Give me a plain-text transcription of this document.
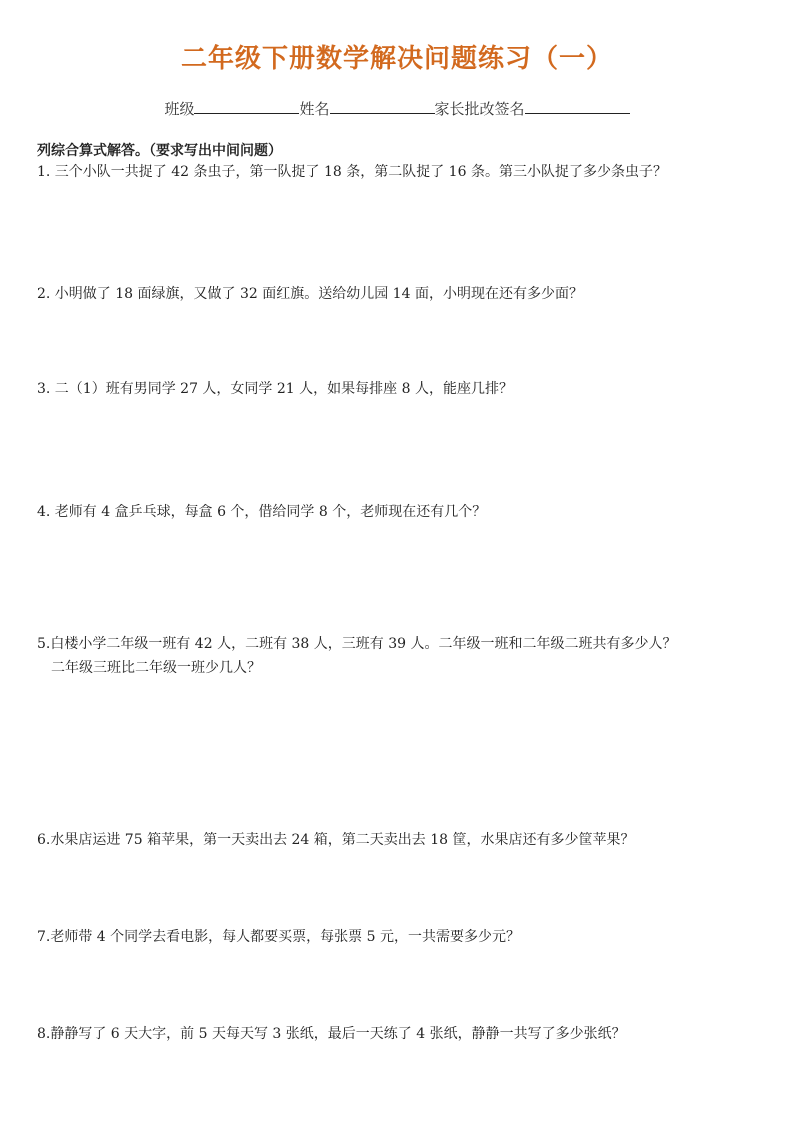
二年级下册数学解决问题练习（一）
班级	姓名	家长批改签名
列综合算式解答。（要求写出中间问题）
1. 三个小队一共捉了 42 条虫子，第一队捉了 18 条，第二队捉了 16 条。第三小队捉了多少条虫子？
2. 小明做了 18 面绿旗，又做了 32 面红旗。送给幼儿园 14 面，小明现在还有多少面？
3. 二（1）班有男同学 27 人，女同学 21 人，如果每排座 8 人，能座几排？
4. 老师有 4 盒乒乓球，每盒 6 个，借给同学 8 个，老师现在还有几个？
5.白楼小学二年级一班有 42 人，二班有 38 人，三班有 39 人。二年级一班和二年级二班共有多少人？
二年级三班比二年级一班少几人？
6.水果店运进 75 箱苹果，第一天卖出去 24 箱，第二天卖出去 18 筐，水果店还有多少筐苹果？
7.老师带 4 个同学去看电影，每人都要买票，每张票 5 元，一共需要多少元？
8.静静写了 6 天大字，前 5 天每天写 3 张纸，最后一天练了 4 张纸，静静一共写了多少张纸？
